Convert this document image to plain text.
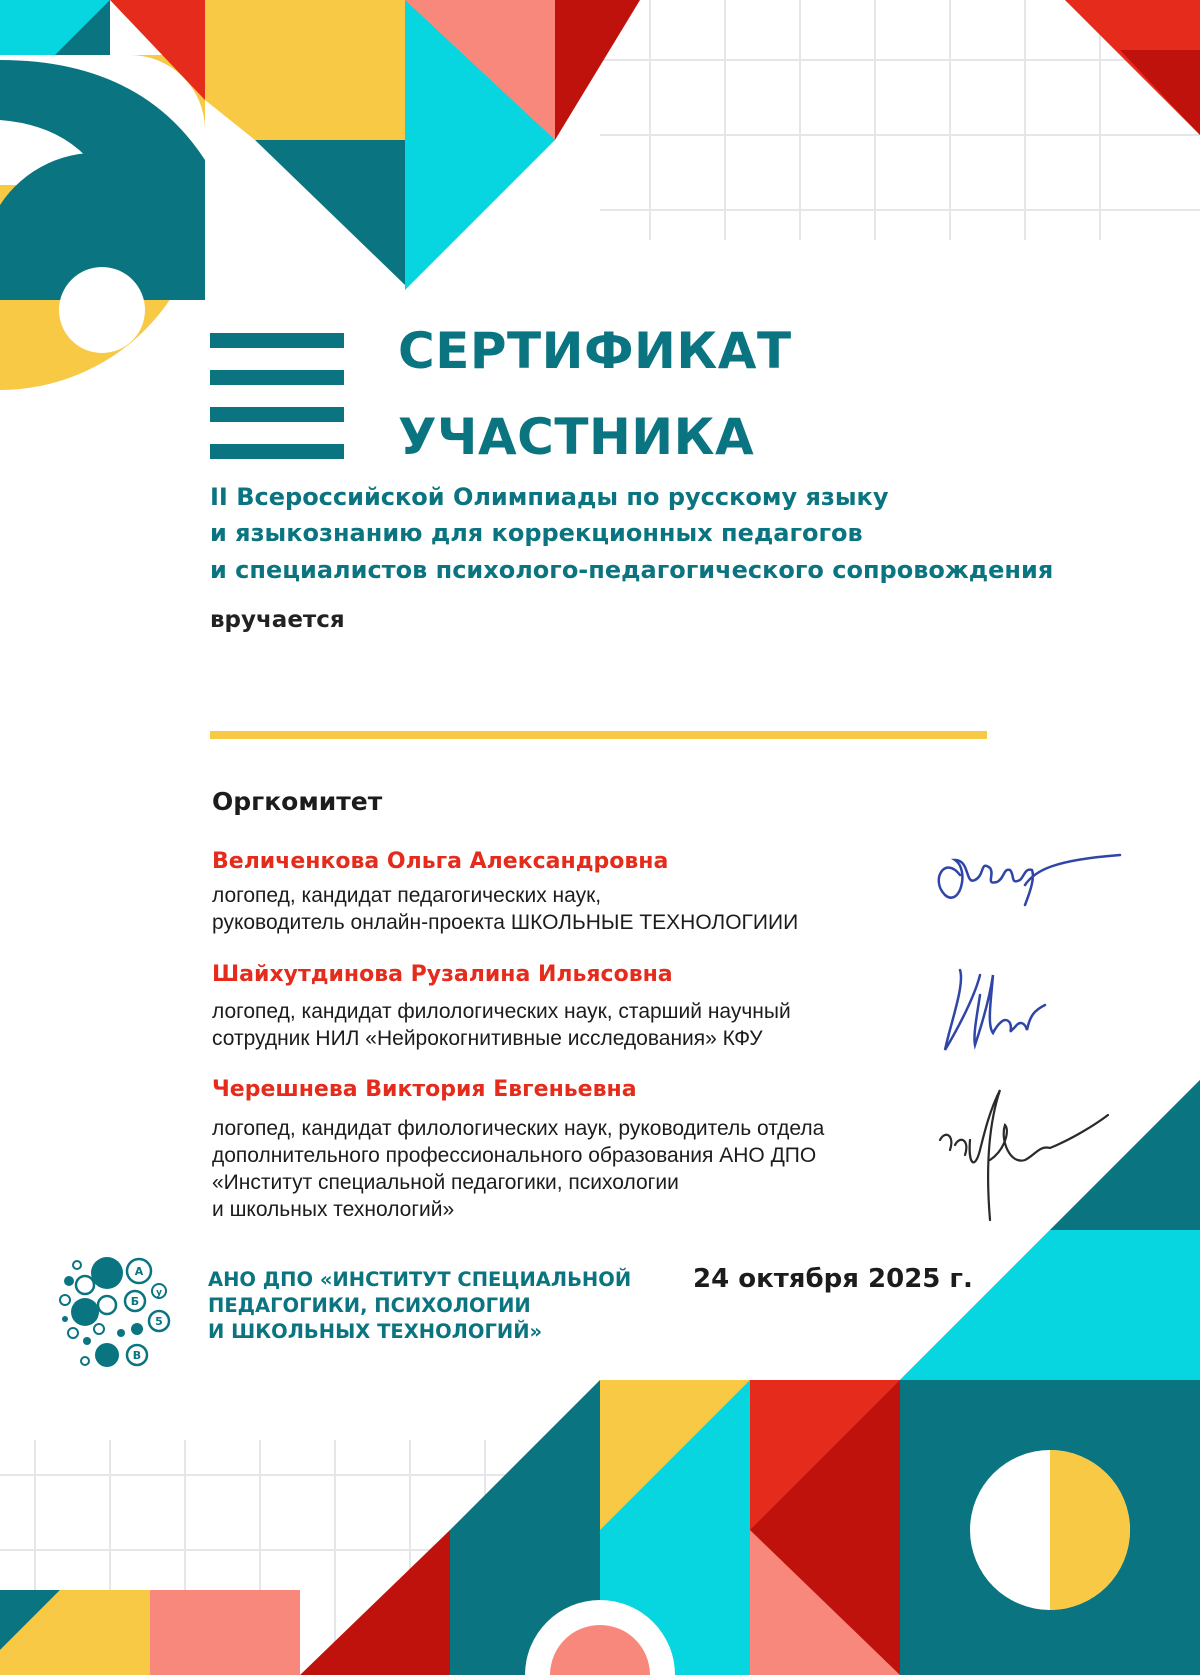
СЕРТИФИКАТ
УЧАСТНИКА
II Всероссийской Олимпиады по русскому языку
и языкознанию для коррекционных педагогов
и специалистов психолого-педагогического сопровождения
вручается
Оргкомитет
Величенкова Ольга Александровна
логопед, кандидат педагогических наук,
руководитель онлайн-проекта ШКОЛЬНЫЕ ТЕХНОЛОГИИИ
Шайхутдинова Рузалина Ильясовна
логопед, кандидат филологических наук, старший научный
сотрудник НИЛ «Нейрокогнитивные исследования» КФУ
Черешнева Виктория Евгеньевна
логопед, кандидат филологических наук, руководитель отдела
дополнительного профессионального образования АНО ДПО
«Институт специальной педагогики, психологии
и школьных технологий»
А
у
Б
5
В
АНО ДПО «ИНСТИТУТ СПЕЦИАЛЬНОЙ
ПЕДАГОГИКИ, ПСИХОЛОГИИ
И ШКОЛЬНЫХ ТЕХНОЛОГИЙ»
24 октября 2025 г.
